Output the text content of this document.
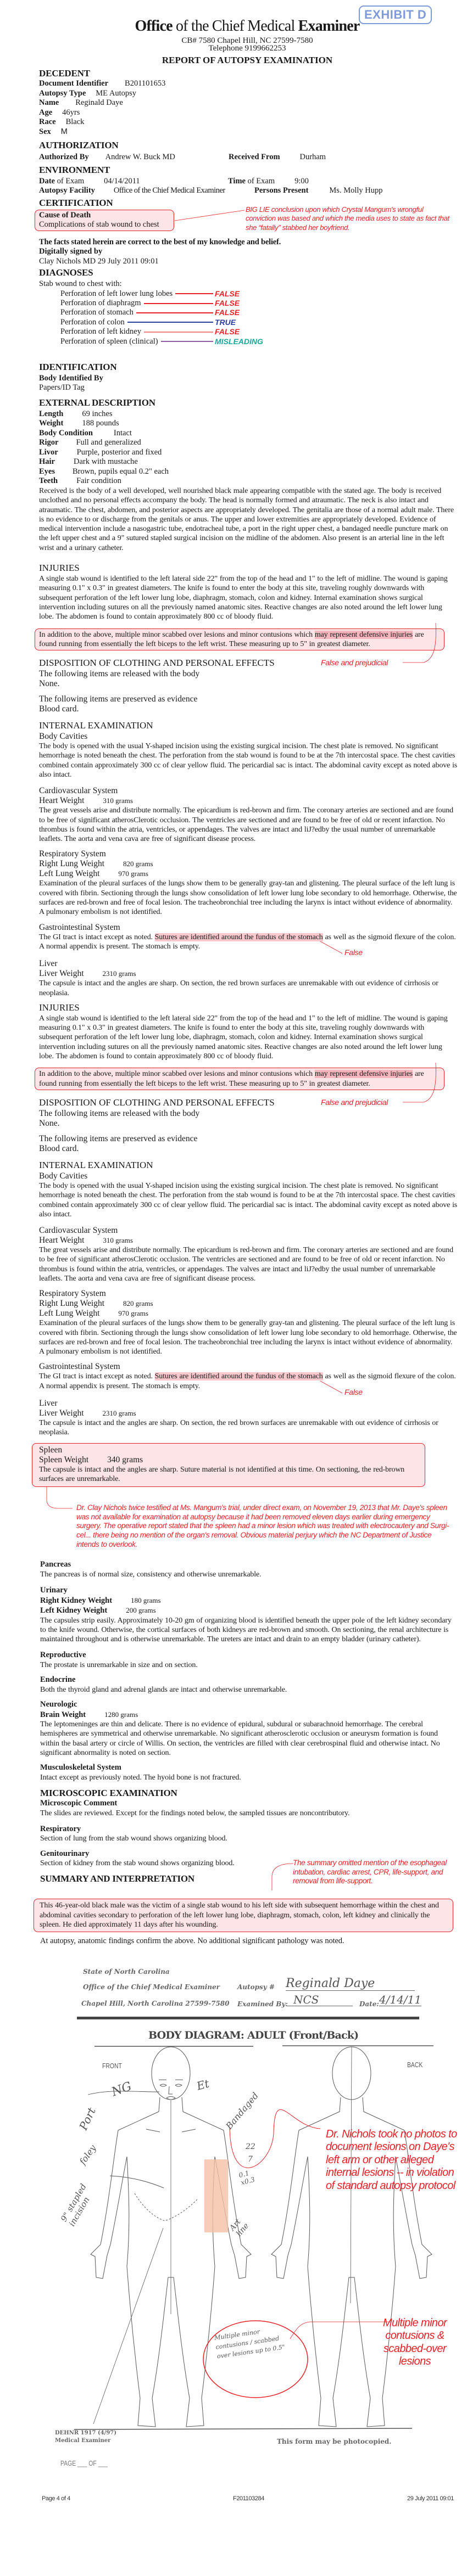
EXHIBIT D
Office of the Chief Medical Examiner
CB# 7580 Chapel Hill, NC 27599-7580
Telephone 9199662253
REPORT OF AUTOPSY EXAMINATION
DECEDENT
Document Identifier B201101653
Autopsy Type ME Autopsy
Name Reginald Daye
Age 46yrs
Race Black
Sex M
AUTHORIZATION
Authorized By Andrew W. Buck MD	Received From Durham
ENVIRONMENT
Date of Exam 04/14/2011	Time of Exam 9:00
Autopsy Facility Office of the Chief Medical Examiner	Persons Present	Ms. Molly Hupp
CERTIFICATION
Cause of Death
Complications of stab wound to chest
BIG LIE conclusion upon which Crystal Mangum's wrongful conviction was based and which the media uses to state as fact that she “fatally” stabbed her boyfriend.
The facts stated herein are correct to the best of my knowledge and belief.
Digitally signed by
Clay Nichols MD 29 July 2011 09:01
DIAGNOSES
Stab wound to chest with:
Perforation of left lower lung lobes	FALSE
Perforation of diaphragm	FALSE
Perforation of stomach	FALSE
Perforation of colon	TRUE
Perforation of left kidney	FALSE
Perforation of spleen (clinical)	MISLEADING
IDENTIFICATION
Body Identified By
Papers/ID Tag
EXTERNAL DESCRIPTION
Length 69 inches
Weight 188 pounds
Body Condition	Intact
Rigor Full and generalized
Livor Purple, posterior and fixed
Hair Dark with mustache
Eyes Brown, pupils equal 0.2" each
Teeth Fair condition
Received is the body of a well developed, well nourished black male appearing compatible with the stated age. The body is received unclothed and no personal effects accompany the body. The head is normally formed and atraumatic. The neck is also intact and atraumatic. The chest, abdomen, and posterior aspects are appropriately developed. The genitalia are those of a normal adult male. There is no evidence to or discharge from the genitals or anus. The upper and lower extremities are appropriately developed. Evidence of medical intervention include a nasogastric tube, endotracheal tube, a port in the right upper chest, a bandaged needle puncture mark on the left upper chest and a 9" sutured stapled surgical incision on the midline of the abdomen. Also present is an arterial line in the left wrist and a urinary catheter.
INJURIES
A single stab wound is identified to the left lateral side 22" from the top of the head and 1" to the left of midline. The wound is gaping measuring 0.1" x 0.3" in greatest diameters. The knife is found to enter the body at this site, traveling roughly downwards with subsequent perforation of the left lower lung lobe, diaphragm, stomach, colon and kidney. Internal examination shows surgical intervention including sutures on all the previously named anatomic sites. Reactive changes are also noted around the left lower lung lobe. The abdomen is found to contain approximately 800 cc of bloody fluid.
In addition to the above, multiple minor scabbed over lesions and minor contusions which may represent defensive injuries are found running from essentially the left biceps to the left wrist. These measuring up to 5" in greatest diameter.
False and prejudicial
DISPOSITION OF CLOTHING AND PERSONAL EFFECTS
The following items are released with the body
None.
The following items are preserved as evidence
Blood card.
INTERNAL EXAMINATION
Body Cavities
The body is opened with the usual Y-shaped incision using the existing surgical incision. The chest plate is removed. No significant hemorrhage is noted beneath the chest. The perforation from the stab wound is found to be at the 7th intercostal space. The chest cavities combined contain approximately 300 cc of clear yellow fluid. The pericardial sac is intact. The abdominal cavity except as noted above is also intact.
Cardiovascular System
Heart Weight	310 grams
The great vessels arise and distribute normally. The epicardium is red-brown and firm. The coronary arteries are sectioned and are found to be free of significant atherosClerotic occlusion. The ventricles are sectioned and are found to be free of old or recent infarction. No thrombus is found within the atria, ventricles, or appendages. The valves are intact and liJ?edby the usual number of unremarkable leaflets. The aorta and vena cava are free of significant disease process.
Respiratory System
Right Lung Weight	820 grams
Left Lung Weight	970 grams
Examination of the pleural surfaces of the lungs show them to be generally gray-tan and glistening. The pleural surface of the left lung is covered with fibrin. Sectioning through the lungs show consolidation of left lower lung lobe secondary to old hemorrhage. Otherwise, the surfaces are red-brown and free of focal lesion. The tracheobronchial tree including the larynx is intact without evidence of abnormality. A pulmonary embolism is not identified.
Gastrointestinal System
The GI tract is intact except as noted. Sutures are identified around the fundus of the stomach as well as the sigmoid flexure of the colon. A normal appendix is present. The stomach is empty.
False
Liver
Liver Weight	2310 grams
The capsule is intact and the angles are sharp. On section, the red brown surfaces are unremakable with out evidence of cirrhosis or neoplasia.
INJURIES
A single stab wound is identified to the left lateral side 22" from the top of the head and 1" to the left of midline. The wound is gaping measuring 0.1" x 0.3" in greatest diameters. The knife is found to enter the body at this site, traveling roughly downwards with subsequent perforation of the left lower lung lobe, diaphragm, stomach, colon and kidney. Internal examination shows surgical intervention including sutures on all the previously named anatomic sites. Reactive changes are also noted around the left lower lung lobe. The abdomen is found to contain approximately 800 cc of bloody fluid.
In addition to the above, multiple minor scabbed over lesions and minor contusions which may represent defensive injuries are found running from essentially the left biceps to the left wrist. These measuring up to 5" in greatest diameter.
False and prejudicial
DISPOSITION OF CLOTHING AND PERSONAL EFFECTS
The following items are released with the body
None.
The following items are preserved as evidence
Blood card.
INTERNAL EXAMINATION
Body Cavities
The body is opened with the usual Y-shaped incision using the existing surgical incision. The chest plate is removed. No significant hemorrhage is noted beneath the chest. The perforation from the stab wound is found to be at the 7th intercostal space. The chest cavities combined contain approximately 300 cc of clear yellow fluid. The pericardial sac is intact. The abdominal cavity except as noted above is also intact.
Cardiovascular System
Heart Weight	310 grams
The great vessels arise and distribute normally. The epicardium is red-brown and firm. The coronary arteries are sectioned and are found to be free of significant atherosClerotic occlusion. The ventricles are sectioned and are found to be free of old or recent infarction. No thrombus is found within the atria, ventricles, or appendages. The valves are intact and liJ?edby the usual number of unremarkable leaflets. The aorta and vena cava are free of significant disease process.
Respiratory System
Right Lung Weight	820 grams
Left Lung Weight	970 grams
Examination of the pleural surfaces of the lungs show them to be generally gray-tan and glistening. The pleural surface of the left lung is covered with fibrin. Sectioning through the lungs show consolidation of left lower lung lobe secondary to old hemorrhage. Otherwise, the surfaces are red-brown and free of focal lesion. The tracheobronchial tree including the larynx is intact without evidence of abnormality. A pulmonary embolism is not identified.
Gastrointestinal System
The GI tract is intact except as noted. Sutures are identified around the fundus of the stomach as well as the sigmoid flexure of the colon. A normal appendix is present. The stomach is empty.
False
Liver
Liver Weight	2310 grams
The capsule is intact and the angles are sharp. On section, the red brown surfaces are unremakable with out evidence of cirrhosis or neoplasia.
Spleen
Spleen Weight 340 grams
The capsule is intact and the angles are sharp. Suture material is not identified at this time. On sectioning, the red-brown surfaces are unremarkable.
Dr. Clay Nichols twice testified at Ms. Mangum's trial, under direct exam, on November 19, 2013 that Mr. Daye's spleen was not available for examination at autopsy because it had been removed eleven days earlier during emergency surgery. The operative report stated that the spleen had a minor lesion which was treated with electrocautery and Surgi-cel... there being no mention of the organ's removal. Obvious material perjury which the NC Department of Justice intends to overlook.
Pancreas
The pancreas is of normal size, consistency and otherwise unremarkable.
Urinary
Right Kidney Weight	180 grams
Left Kidney Weight	200 grams
The capsules strip easily. Approximately 10-20 gm of organizing blood is identified beneath the upper pole of the left kidney secondary to the knife wound. Otherwise, the cortical surfaces of both kidneys are red-brown and smooth. On sectioning, the renal architecture is maintained throughout and is otherwise unremarkable. The ureters are intact and drain to an empty bladder (urinary catheter).
Reproductive
The prostate is unremarkable in size and on section.
Endocrine
Both the thyroid gland and adrenal glands are intact and otherwise unremarkable.
Neurologic
Brain Weight	1280 grams
The leptomeninges are thin and delicate. There is no evidence of epidural, subdural or subarachnoid hemorrhage. The cerebral hemispheres are symmetrical and otherwise unremarkable. No significant atherosclerotic occlusion or aneurysm formation is found within the basal artery or circle of Willis. On section, the ventricles are filled with clear cerebrospinal fluid and otherwise intact. No significant abnormality is noted on section.
Musculoskeletal System
Intact except as previously noted. The hyoid bone is not fractured.
MICROSCOPIC EXAMINATION
Microscopic Comment
The slides are reviewed. Except for the findings noted below, the sampled tissues are noncontributory.
Respiratory
Section of lung from the stab wound shows organizing blood.
Genitourinary
Section of kidney from the stab wound shows organizing blood.
SUMMARY AND INTERPRETATION
The summary omitted mention of the esophageal intubation, cardiac arrest, CPR, life-support, and removal from life-support.
This 46-year-old black male was the victim of a single stab wound to his left side with subsequent hemorrhage within the chest and abdominal cavities secondary to perforation of the left lower lung lobe, diaphragm, stomach, colon, left kidney and clinically the spleen. He died approximately 11 days after his wounding.
At autopsy, anatomic findings confirm the above. No additional significant pathology was noted.
State of North Carolina
Office of the Chief Medical Examiner
Chapel Hill, North Carolina 27599-7580
Autopsy # Reginald Daye
Examined By: NCS	Date: 4/14/11
BODY DIAGRAM: ADULT (Front/Back)
FRONT	BACK
NG	Et
Port	Bandaged
foley
9" stapled incision
22
7
0.1 x0.3
Art line
Multiple minor contusions / scabbed over lesions up to 0.5"
Dr. Nichols took no photos to document lesions on Daye's left arm or other alleged internal lesions -- in violation of standard autopsy protocol
Multiple minor contusions & scabbed-over lesions
DEHNR 1917 (4/97)
Medical Examiner	This form may be photocopied.
PAGE ___ OF ___
Page 4 of 4	F201103284	29 July 2011 09:01
